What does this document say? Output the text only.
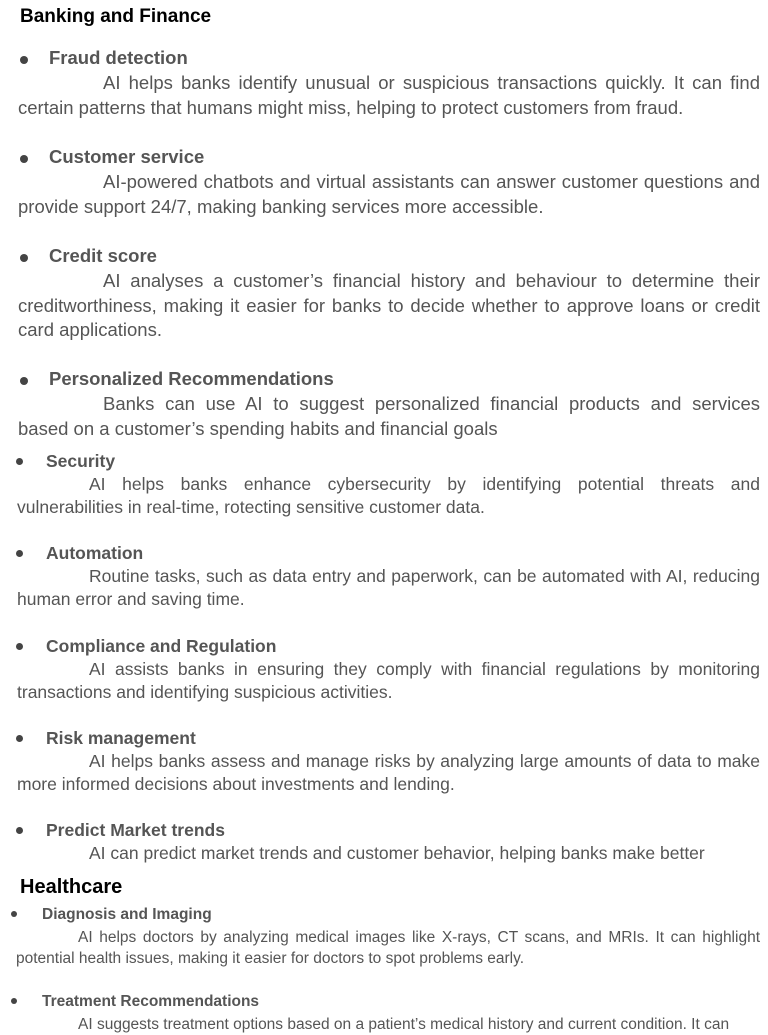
Banking and Finance
Fraud detection

AI helps banks identify unusual or suspicious transactions quickly. It can find certain patterns that humans might miss, helping to protect customers from fraud.

Customer service

AI-powered chatbots and virtual assistants can answer customer questions and provide support 24/7, making banking services more accessible.

Credit score

AI analyses a customer’s financial history and behaviour to determine their creditworthiness, making it easier for banks to decide whether to approve loans or credit card applications.

Personalized Recommendations

Banks can use AI to suggest personalized financial products and services based on a customer’s spending habits and financial goals

Security

AI helps banks enhance cybersecurity by identifying potential threats and vulnerabilities in real-time, rotecting sensitive customer data.

Automation

Routine tasks, such as data entry and paperwork, can be automated with AI, reducing human error and saving time.

Compliance and Regulation

AI assists banks in ensuring they comply with financial regulations by monitoring transactions and identifying suspicious activities.

Risk management

AI helps banks assess and manage risks by analyzing large amounts of data to make more informed decisions about investments and lending.

Predict Market trends

AI can predict market trends and customer behavior, helping banks make better

Healthcare
Diagnosis and Imaging

AI helps doctors by analyzing medical images like X-rays, CT scans, and MRIs. It can highlight potential health issues, making it easier for doctors to spot problems early.

Treatment Recommendations

AI suggests treatment options based on a patient’s medical history and current condition. It can
